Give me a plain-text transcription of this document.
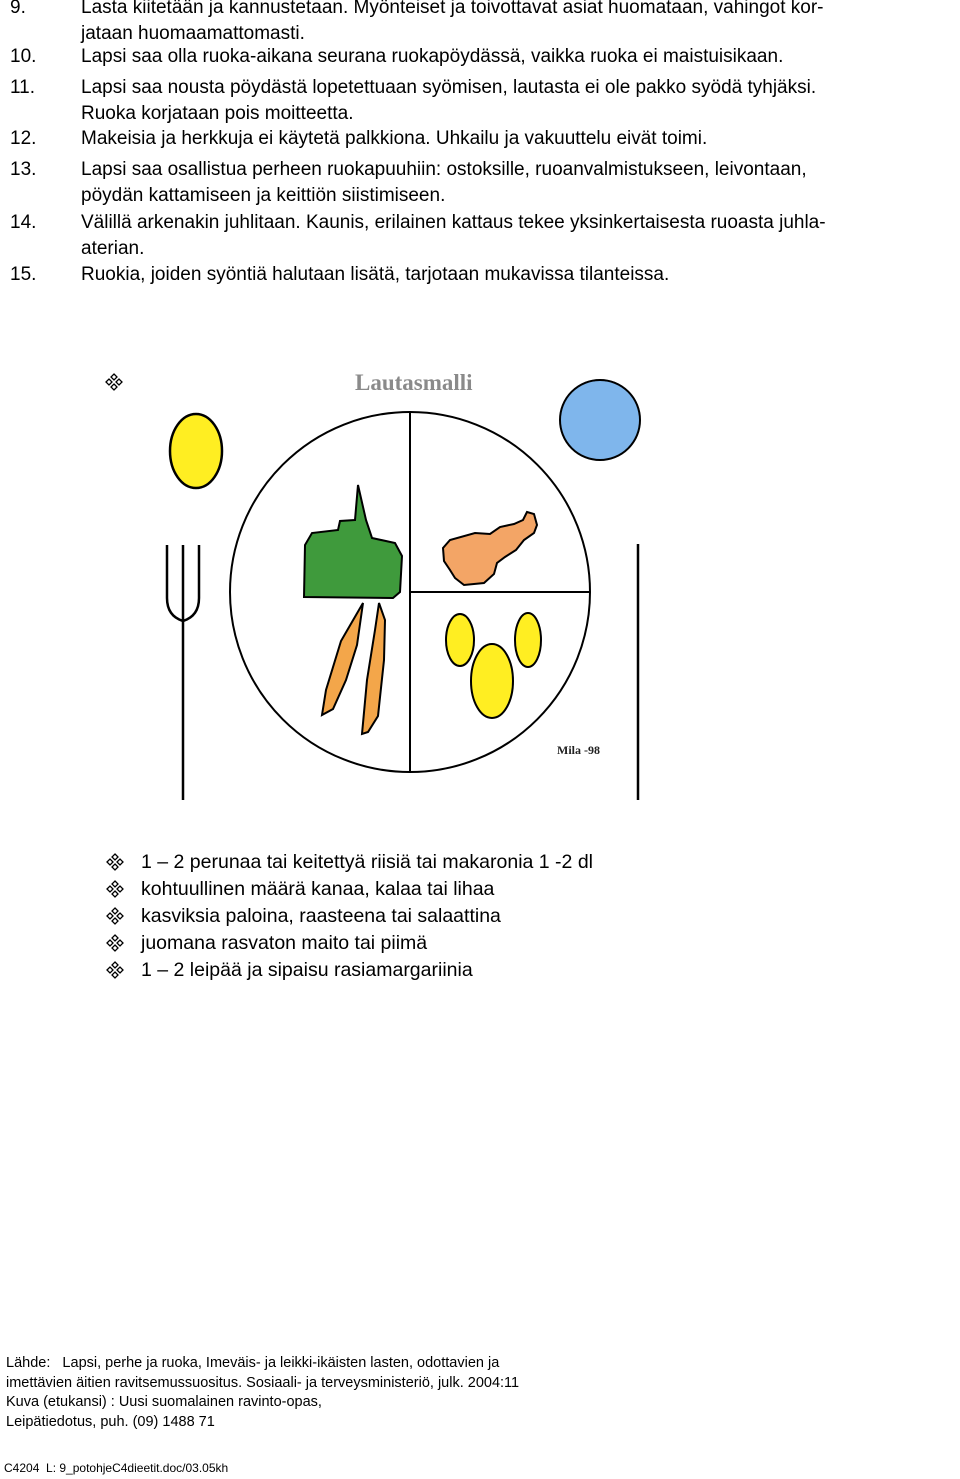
9.	Lasta kiitetään ja kannustetaan. Myönteiset ja toivottavat asiat huomataan, vahingot kor-
jataan huomaamattomasti.
10.	Lapsi saa olla ruoka-aikana seurana ruokapöydässä, vaikka ruoka ei maistuisikaan.
11.	Lapsi saa nousta pöydästä lopetettuaan syömisen, lautasta ei ole pakko syödä tyhjäksi.
Ruoka korjataan pois moitteetta.
12.	Makeisia ja herkkuja ei käytetä palkkiona. Uhkailu ja vakuuttelu eivät toimi.
13.	Lapsi saa osallistua perheen ruokapuuhiin: ostoksille, ruoanvalmistukseen, leivontaan,
pöydän kattamiseen ja keittiön siistimiseen.
14.	Välillä arkenakin juhlitaan. Kaunis, erilainen kattaus tekee yksinkertaisesta ruoasta juhla-
aterian.
15.	Ruokia, joiden syöntiä halutaan lisätä, tarjotaan mukavissa tilanteissa.
Lautasmalli
Mila -98
1 – 2 perunaa tai keitettyä riisiä tai makaronia 1 -2 dl
kohtuullinen määrä kanaa, kalaa tai lihaa
kasviksia paloina, raasteena tai salaattina
juomana rasvaton maito tai piimä
1 – 2 leipää ja sipaisu rasiamargariinia
Lähde:   Lapsi, perhe ja ruoka, Imeväis- ja leikki-ikäisten lasten, odottavien ja
imettävien äitien ravitsemussuositus. Sosiaali- ja terveysministeriö, julk. 2004:11
Kuva (etukansi) : Uusi suomalainen ravinto-opas,
Leipätiedotus, puh. (09) 1488 71
C4204  L: 9_potohjeC4dieetit.doc/03.05kh
